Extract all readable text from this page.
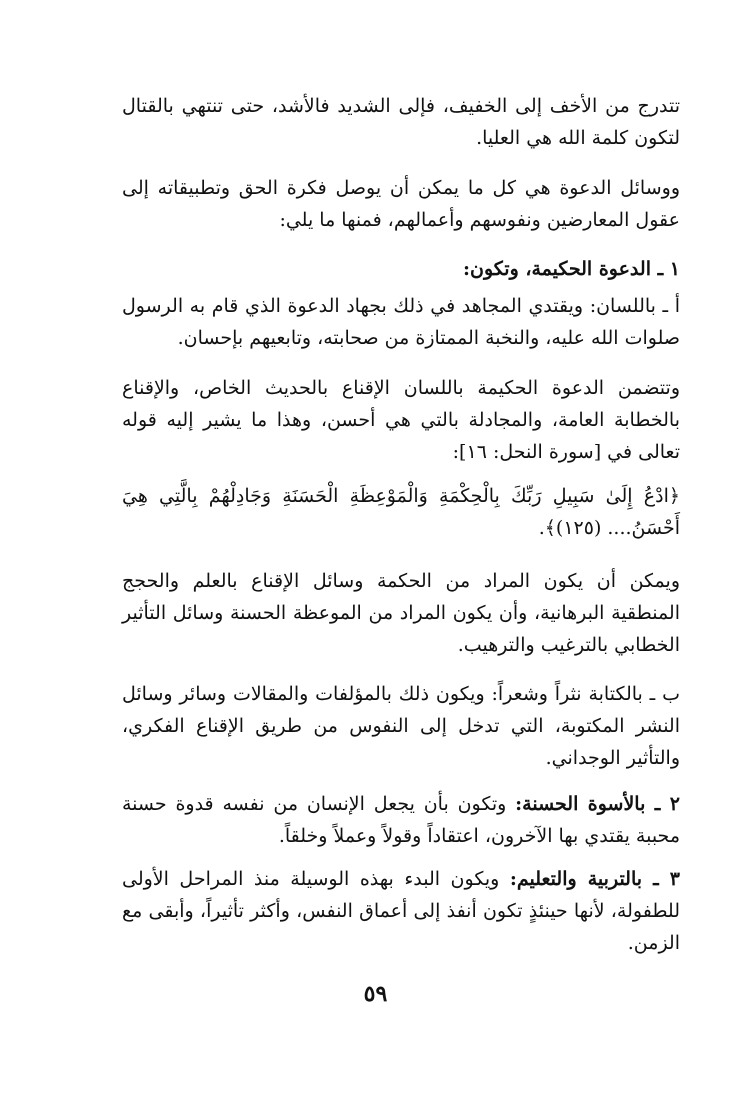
تتدرج من الأخف إلى الخفيف، فإلى الشديد فالأشد، حتى تنتهي بالقتال لتكون كلمة الله هي العليا.
ووسائل الدعوة هي كل ما يمكن أن يوصل فكرة الحق وتطبيقاته إلى عقول المعارضين ونفوسهم وأعمالهم، فمنها ما يلي:
١ ـ الدعوة الحكيمة، وتكون:
أ ـ باللسان: ويقتدي المجاهد في ذلك بجهاد الدعوة الذي قام به الرسول صلوات الله عليه، والنخبة الممتازة من صحابته، وتابعيهم بإحسان.
وتتضمن الدعوة الحكيمة باللسان الإقناع بالحديث الخاص، والإقناع بالخطابة العامة، والمجادلة بالتي هي أحسن، وهذا ما يشير إليه قوله تعالى في [سورة النحل: ١٦]:
﴿ادْعُ إِلَىٰ سَبِيلِ رَبِّكَ بِالْحِكْمَةِ وَالْمَوْعِظَةِ الْحَسَنَةِ وَجَادِلْهُمْ بِالَّتِي هِيَ أَحْسَنُ.... (١٢٥)﴾.
ويمكن أن يكون المراد من الحكمة وسائل الإقناع بالعلم والحجج المنطقية البرهانية، وأن يكون المراد من الموعظة الحسنة وسائل التأثير الخطابي بالترغيب والترهيب.
ب ـ بالكتابة نثراً وشعراً: ويكون ذلك بالمؤلفات والمقالات وسائر وسائل النشر المكتوبة، التي تدخل إلى النفوس من طريق الإقناع الفكري، والتأثير الوجداني.
٢ ـ بالأسوة الحسنة: وتكون بأن يجعل الإنسان من نفسه قدوة حسنة محببة يقتدي بها الآخرون، اعتقاداً وقولاً وعملاً وخلقاً.
٣ ـ بالتربية والتعليم: ويكون البدء بهذه الوسيلة منذ المراحل الأولى للطفولة، لأنها حينئذٍ تكون أنفذ إلى أعماق النفس، وأكثر تأثيراً، وأبقى مع الزمن.
٥٩
